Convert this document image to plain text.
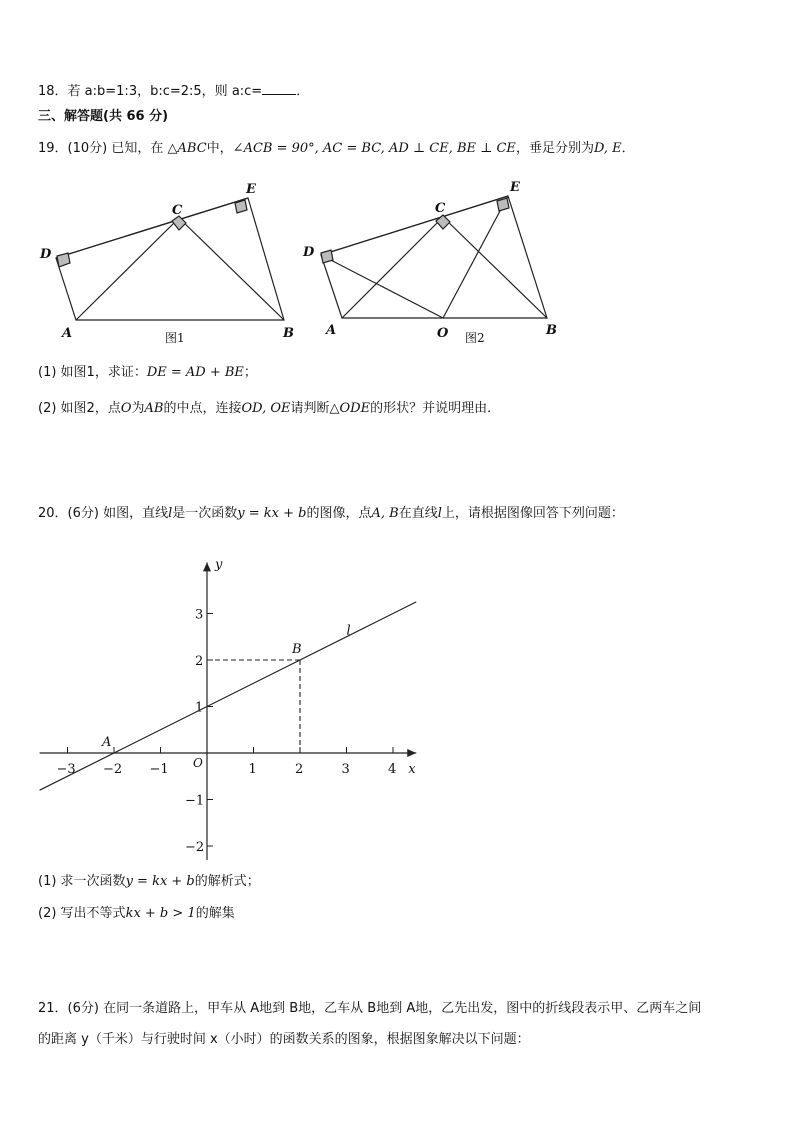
18．若 a:b=1:3，b:c=2:5，则 a:c=	．
三、解答题(共 66 分)
19．(10分) 已知，在 △ABC中，∠ACB = 90°, AC = BC, AD ⊥ CE, BE ⊥ CE，垂足分别为D, E．
D
A	B
C
E
图1
D
A	O	B
C
E
图2
(1) 如图1，求证：DE = AD + BE；
(2) 如图2，点O为AB的中点，连接OD, OE请判断△ODE的形状？并说明理由．
20．(6分) 如图，直线l是一次函数y = kx + b的图像，点A, B在直线l上，请根据图像回答下列问题：
x
y
−3 −2 −1	1	2	3	4
3
2
1
−1
−2
O
l
A
B
(1) 求一次函数y = kx + b的解析式；
(2) 写出不等式kx + b > 1的解集
21．(6分) 在同一条道路上，甲车从 A地到 B地，乙车从 B地到 A地，乙先出发，图中的折线段表示甲、乙两车之间
的距离 y（千米）与行驶时间 x（小时）的函数关系的图象，根据图象解决以下问题：
